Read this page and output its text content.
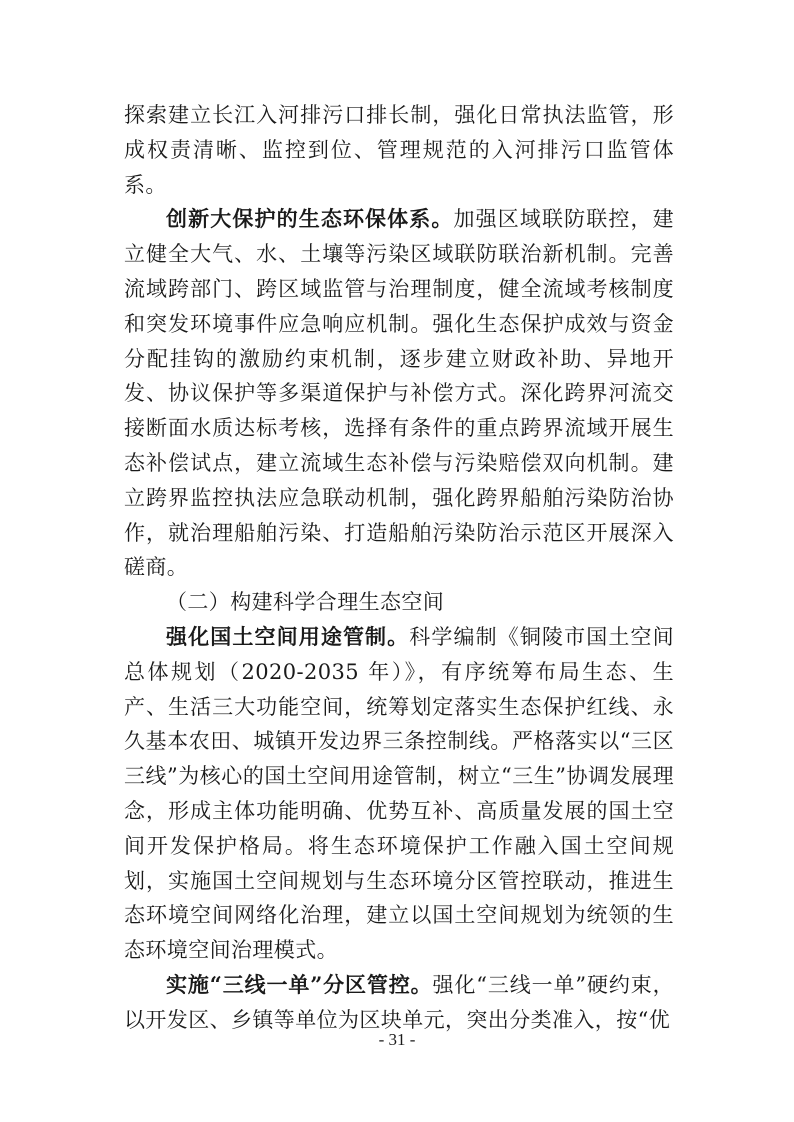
探索建立长江入河排污口排长制，强化日常执法监管，形成权责清晰、监控到位、管理规范的入河排污口监管体系。

创新大保护的生态环保体系。加强区域联防联控，建立健全大气、水、土壤等污染区域联防联治新机制。完善流域跨部门、跨区域监管与治理制度，健全流域考核制度和突发环境事件应急响应机制。强化生态保护成效与资金分配挂钩的激励约束机制，逐步建立财政补助、异地开发、协议保护等多渠道保护与补偿方式。深化跨界河流交接断面水质达标考核，选择有条件的重点跨界流域开展生态补偿试点，建立流域生态补偿与污染赔偿双向机制。建立跨界监控执法应急联动机制，强化跨界船舶污染防治协作，就治理船舶污染、打造船舶污染防治示范区开展深入磋商。

（二）构建科学合理生态空间

强化国土空间用途管制。科学编制《铜陵市国土空间总体规划（2020-2035 年）》，有序统筹布局生态、生产、生活三大功能空间，统筹划定落实生态保护红线、永久基本农田、城镇开发边界三条控制线。严格落实以“三区三线”为核心的国土空间用途管制，树立“三生”协调发展理念，形成主体功能明确、优势互补、高质量发展的国土空间开发保护格局。将生态环境保护工作融入国土空间规划，实施国土空间规划与生态环境分区管控联动，推进生态环境空间网络化治理，建立以国土空间规划为统领的生态环境空间治理模式。

实施“三线一单”分区管控。强化“三线一单”硬约束，以开发区、乡镇等单位为区块单元，突出分类准入，按“优

- 31 -
